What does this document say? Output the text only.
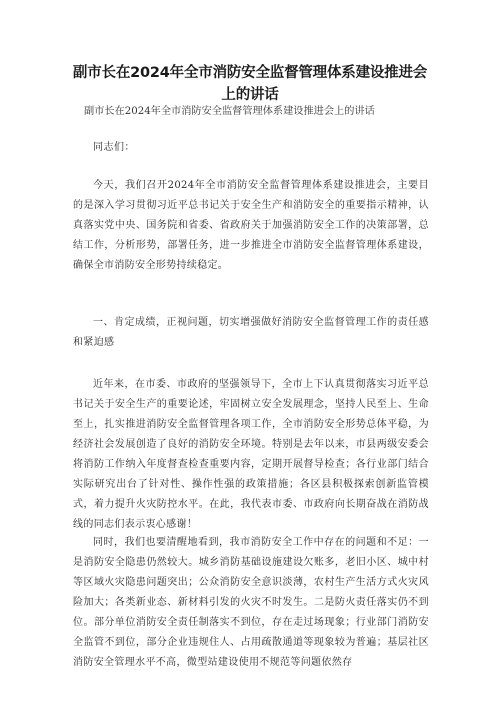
副市长在2024年全市消防安全监督管理体系建设推进会上的讲话
副市长在2024年全市消防安全监督管理体系建设推进会上的讲话
同志们：

今天，我们召开2024年全市消防安全监督管理体系建设推进会，主要目的是深入学习贯彻习近平总书记关于安全生产和消防安全的重要指示精神，认真落实党中央、国务院和省委、省政府关于加强消防安全工作的决策部署，总结工作，分析形势，部署任务，进一步推进全市消防安全监督管理体系建设，确保全市消防安全形势持续稳定。

一、肯定成绩，正视问题，切实增强做好消防安全监督管理工作的责任感和紧迫感

近年来，在市委、市政府的坚强领导下，全市上下认真贯彻落实习近平总书记关于安全生产的重要论述，牢固树立安全发展理念，坚持人民至上、生命至上，扎实推进消防安全监督管理各项工作，全市消防安全形势总体平稳，为经济社会发展创造了良好的消防安全环境。特别是去年以来，市县两级安委会将消防工作纳入年度督查检查重要内容，定期开展督导检查；各行业部门结合实际研究出台了针对性、操作性强的政策措施；各区县积极探索创新监管模式，着力提升火灾防控水平。在此，我代表市委、市政府向长期奋战在消防战线的同志们表示衷心感谢！

同时，我们也要清醒地看到，我市消防安全工作中存在的问题和不足：一是消防安全隐患仍然较大。城乡消防基础设施建设欠账多，老旧小区、城中村等区域火灾隐患问题突出；公众消防安全意识淡薄，农村生产生活方式火灾风险加大；各类新业态、新材料引发的火灾不时发生。二是防火责任落实仍不到位。部分单位消防安全责任制落实不到位，存在走过场现象；行业部门消防安全监管不到位，部分企业违规住人、占用疏散通道等现象较为普遍；基层社区消防安全管理水平不高，微型站建设使用不规范等问题依然存
